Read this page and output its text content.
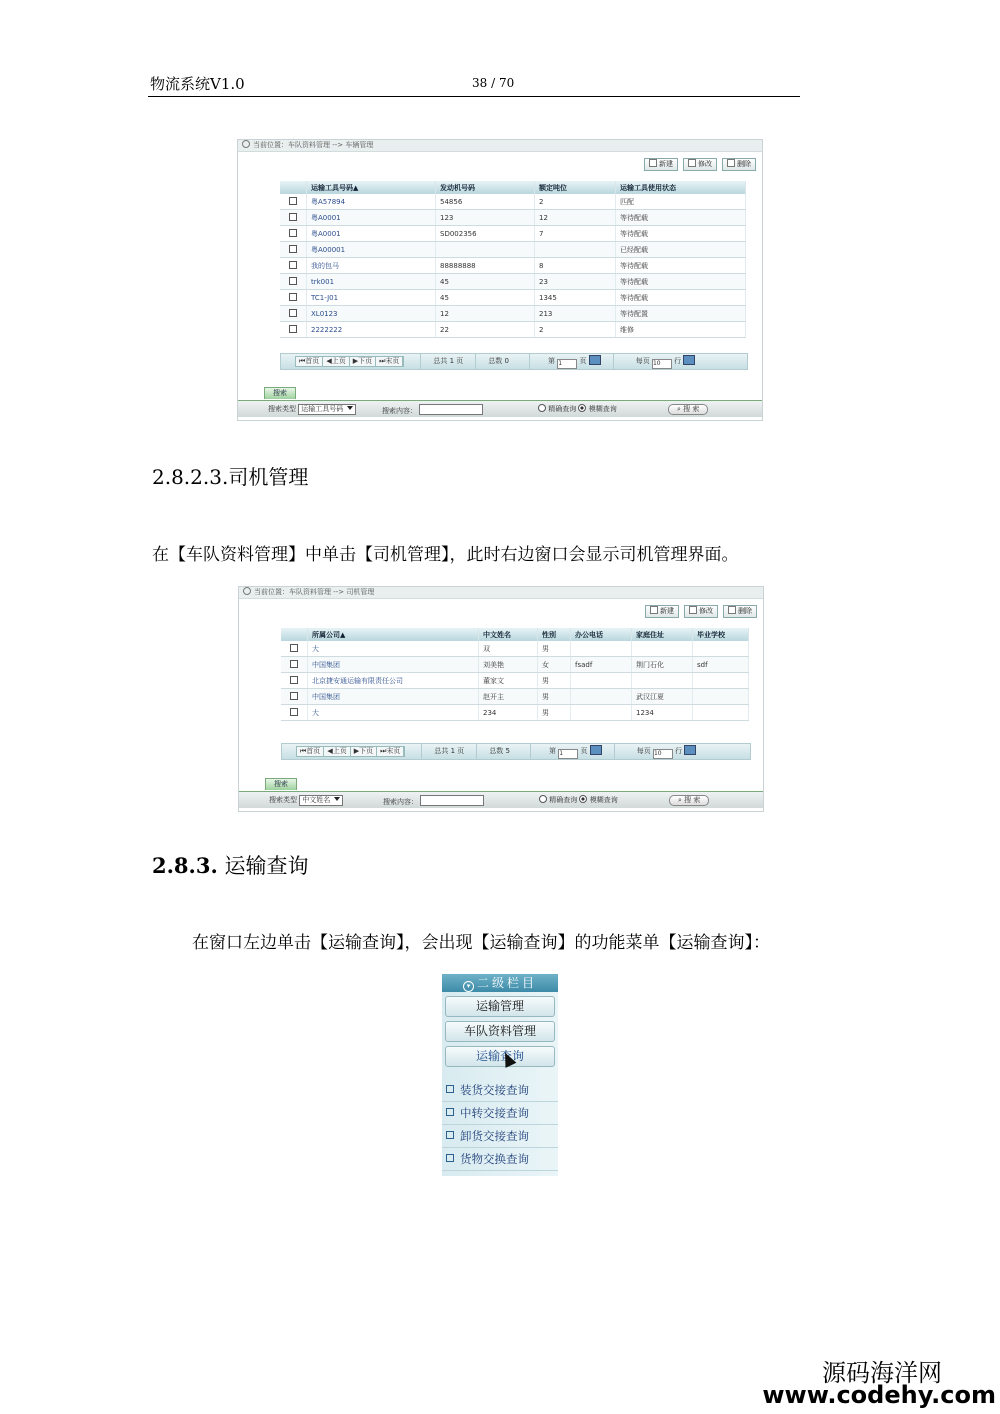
物流系统V1.0	38 / 70
当前位置：车队资料管理 --> 车辆管理
新建	修改	删除
	运输工具号码▲	发动机号码	额定吨位	运输工具使用状态
	粤A57894	54856	2	匹配
	粤A0001	123	12	等待配载
	粤A0001	SD002356	7	等待配载
	粤A00001			已经配载
	我的包马	88888888	8	等待配载
	trk001	45	23	等待配载
	TC1-J01	45	1345	等待配载
	XL0123	12	213	等待配置
	2222222	22	2	维修
⏮首页	◀上页	▶下页	⏭末页	总共 1 页	总数 0	第 1 页	每页 10 行
搜索
搜索类型 运输工具号码	搜索内容：	精确查询 模糊查询	⌕ 搜 索
2.8.2.3.司机管理
在【车队资料管理】中单击【司机管理】，此时右边窗口会显示司机管理界面。
当前位置：车队资料管理 --> 司机管理
新建	修改	删除
	所属公司▲	中文姓名	性别	办公电话	家庭住址	毕业学校
	大	双	男			
	中国集团	刘美艳	女	fsadf	荆门石化	sdf
	北京捷安通运输有限责任公司	董家文	男			
	中国集团	赵开主	男		武汉江夏	
	大	234	男		1234	
⏮首页	◀上页	▶下页	⏭末页	总共 1 页	总数 5	第 1 页	每页 10 行
搜索
搜索类型 中文姓名	搜索内容：	精确查询 模糊查询	⌕ 搜 索
2.8.3. 运输查询
在窗口左边单击【运输查询】，会出现【运输查询】的功能菜单【运输查询】：
▾ 二级栏目
运输管理
车队资料管理
运输查询
装货交接查询
中转交接查询
卸货交接查询
货物交换查询
源码海洋网
www.codehy.com
